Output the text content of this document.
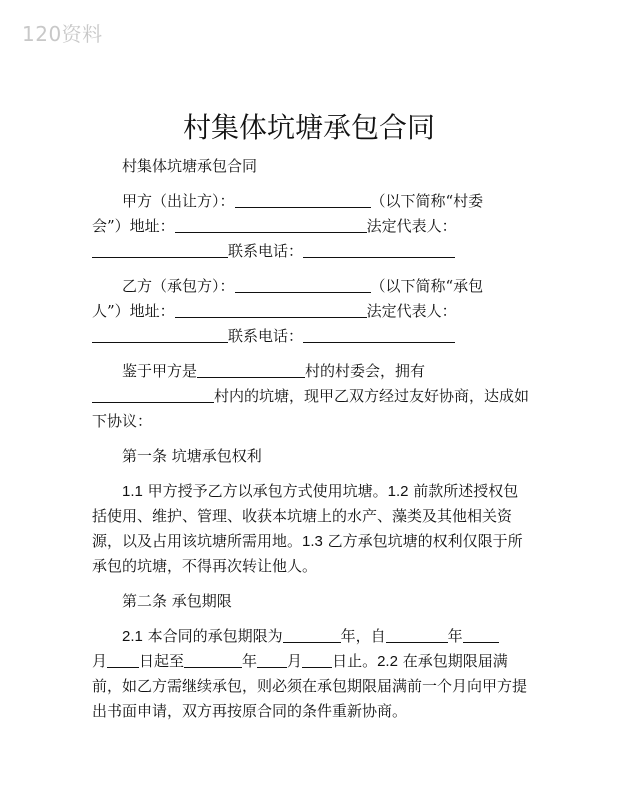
120资料
村集体坑塘承包合同

村集体坑塘承包合同

甲方（出让方）：	（以下简称“村委
会”）地址：	法定代表人：
联系电话：

乙方（承包方）：	（以下简称“承包
人”）地址：	法定代表人：
联系电话：

鉴于甲方是	村的村委会，拥有
村内的坑塘，现甲乙双方经过友好协商，达成如下协议：

第一条 坑塘承包权利

1.1 甲方授予乙方以承包方式使用坑塘。1.2 前款所述授权包括使用、维护、管理、收获本坑塘上的水产、藻类及其他相关资源，以及占用该坑塘所需用地。1.3 乙方承包坑塘的权利仅限于所承包的坑塘，不得再次转让他人。

第二条 承包期限

2.1 本合同的承包期限为	年，自	年
月 日起至	年 月 日止。2.2 在承包期限届满前，如乙方需继续承包，则必须在承包期限届满前一个月向甲方提出书面申请，双方再按原合同的条件重新协商。
